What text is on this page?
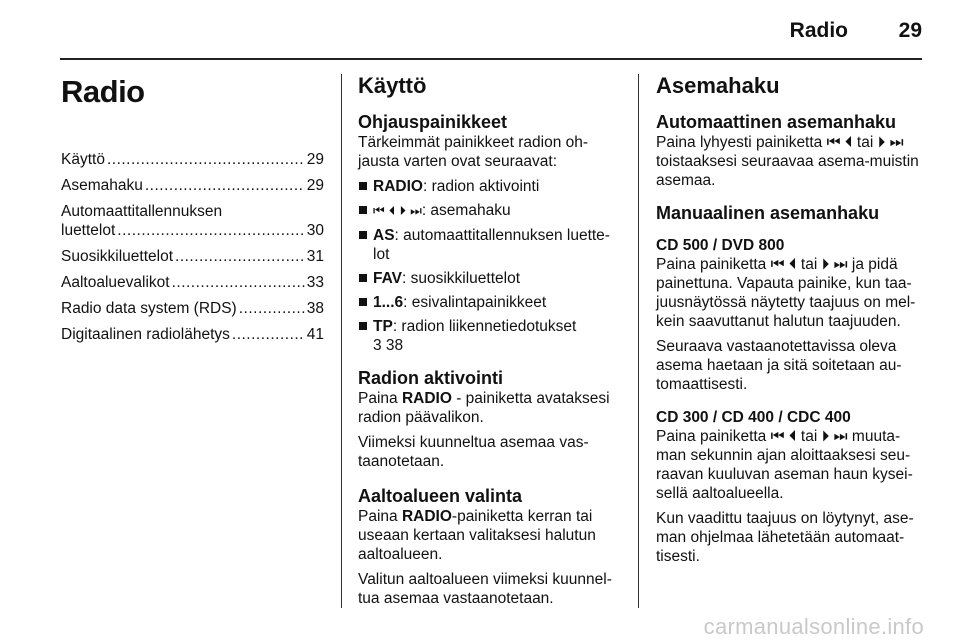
Radio 29
Radio
Käyttö .....	29
Asemahaku .....	29
Automaattitallennuksen
luettelot .....	30
Suosikkiluettelot .....	31
Aaltoaluevalikot .....	33
Radio data system (RDS) .....	38
Digitaalinen radiolähetys .....	41
Käyttö
Ohjauspainikkeet

Tärkeimmät painikkeet radion oh-jausta varten ovat seuraavat:

RADIO: radion aktivointi
⏮ ⏴ ⏵ ⏭: asemahaku
AS: automaattitallennuksen luette-lot
FAV: suosikkiluettelot
1...6: esivalintapainikkeet
TP: radion liikennetiedotukset
3 38
Radion aktivointi

Paina RADIO - painiketta avataksesi radion päävalikon.

Viimeksi kuunneltua asemaa vas-taanotetaan.

Aaltoalueen valinta

Paina RADIO-painiketta kerran tai useaan kertaan valitaksesi halutun aaltoalueen.

Valitun aaltoalueen viimeksi kuunnel-tua asemaa vastaanotetaan.

Asemahaku
Automaattinen asemanhaku

Paina lyhyesti painiketta ⏮ ⏴ tai ⏵ ⏭ toistaaksesi seuraavaa asema-muistin asemaa.

Manuaalinen asemanhaku
CD 500 / DVD 800

Paina painiketta ⏮ ⏴ tai ⏵ ⏭ ja pidä painettuna. Vapauta painike, kun taa-juusnäytössä näytetty taajuus on mel-kein saavuttanut halutun taajuuden.

Seuraava vastaanotettavissa oleva asema haetaan ja sitä soitetaan au-tomaattisesti.

CD 300 / CD 400 / CDC 400

Paina painiketta ⏮ ⏴ tai ⏵ ⏭ muuta-man sekunnin ajan aloittaaksesi seu-raavan kuuluvan aseman haun kysei-sellä aaltoalueella.

Kun vaadittu taajuus on löytynyt, ase-man ohjelmaa lähetetään automaat-tisesti.

carmanualsonline.info
